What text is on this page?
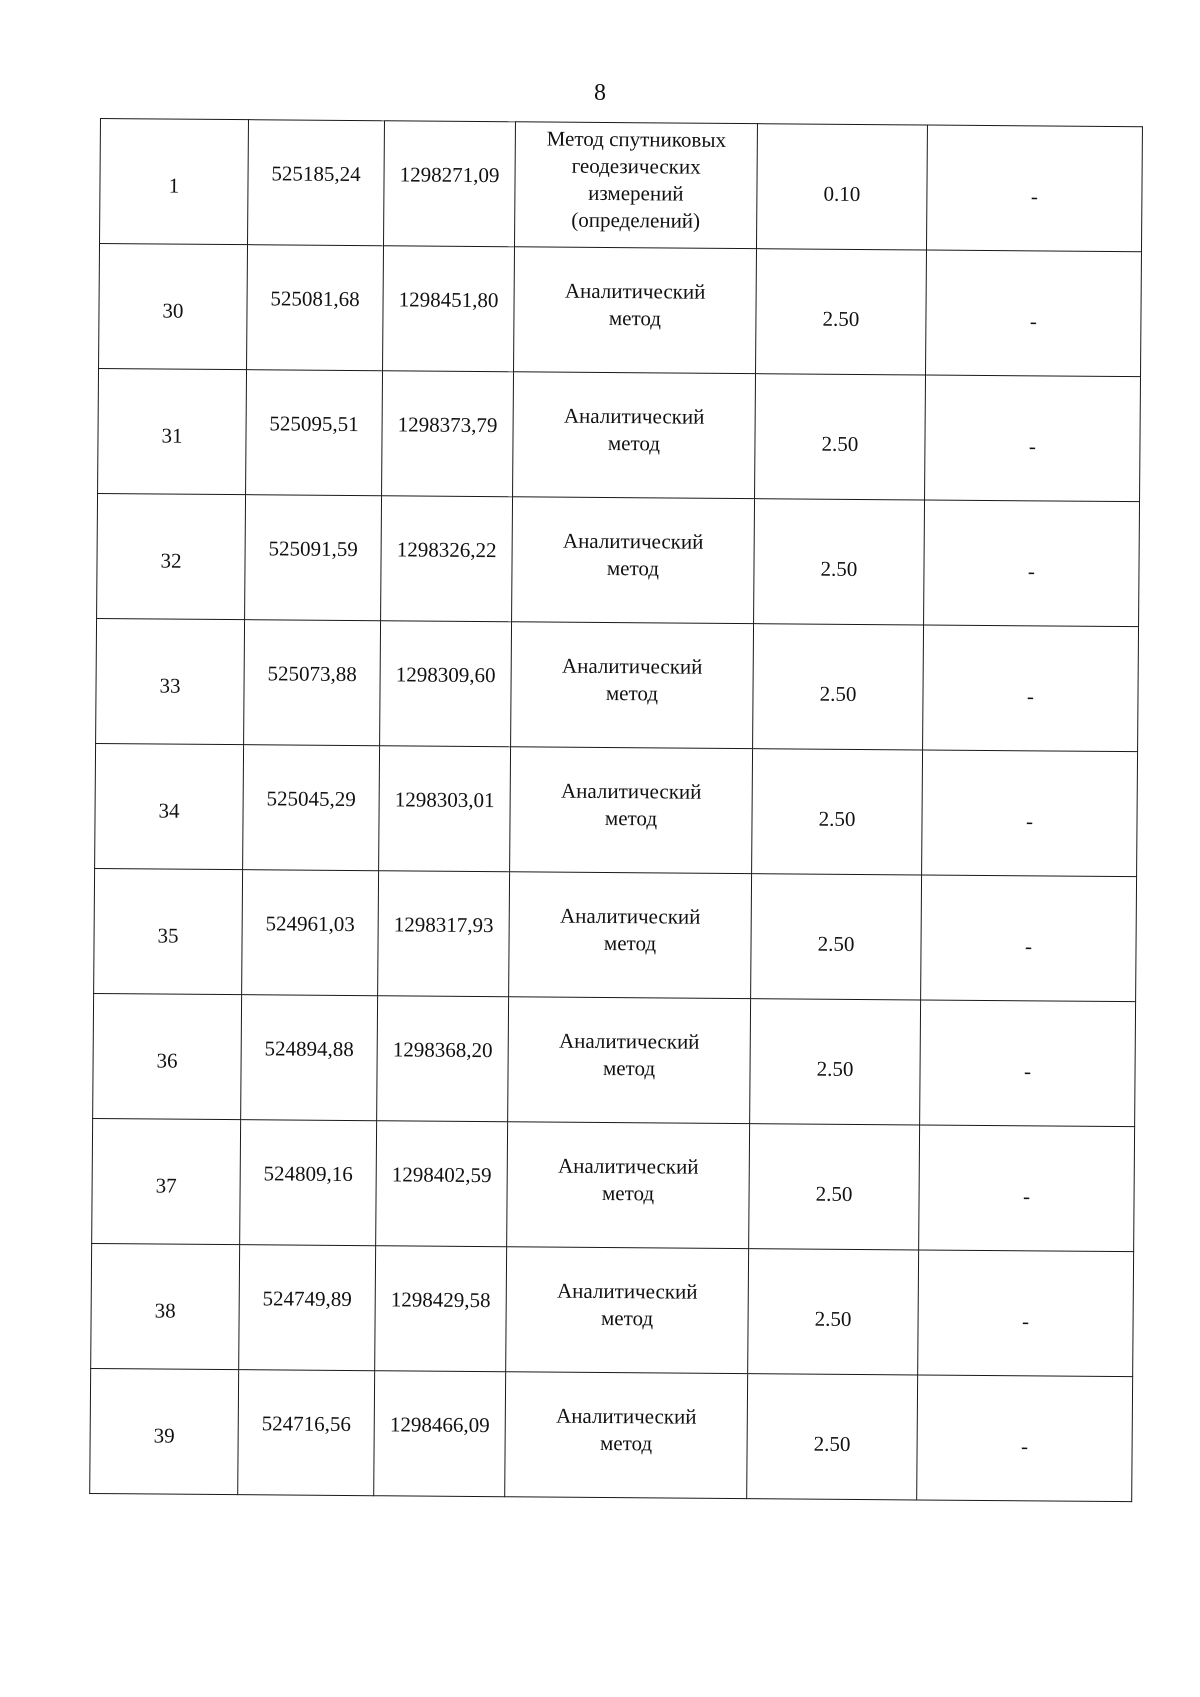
8
1	525185,24	1298271,09	Метод спутниковых
геодезических
измерений
(определений)	0.10	-
30	525081,68	1298451,80	Аналитический
метод	2.50	-
31	525095,51	1298373,79	Аналитический
метод	2.50	-
32	525091,59	1298326,22	Аналитический
метод	2.50	-
33	525073,88	1298309,60	Аналитический
метод	2.50	-
34	525045,29	1298303,01	Аналитический
метод	2.50	-
35	524961,03	1298317,93	Аналитический
метод	2.50	-
36	524894,88	1298368,20	Аналитический
метод	2.50	-
37	524809,16	1298402,59	Аналитический
метод	2.50	-
38	524749,89	1298429,58	Аналитический
метод	2.50	-
39	524716,56	1298466,09	Аналитический
метод	2.50	-
